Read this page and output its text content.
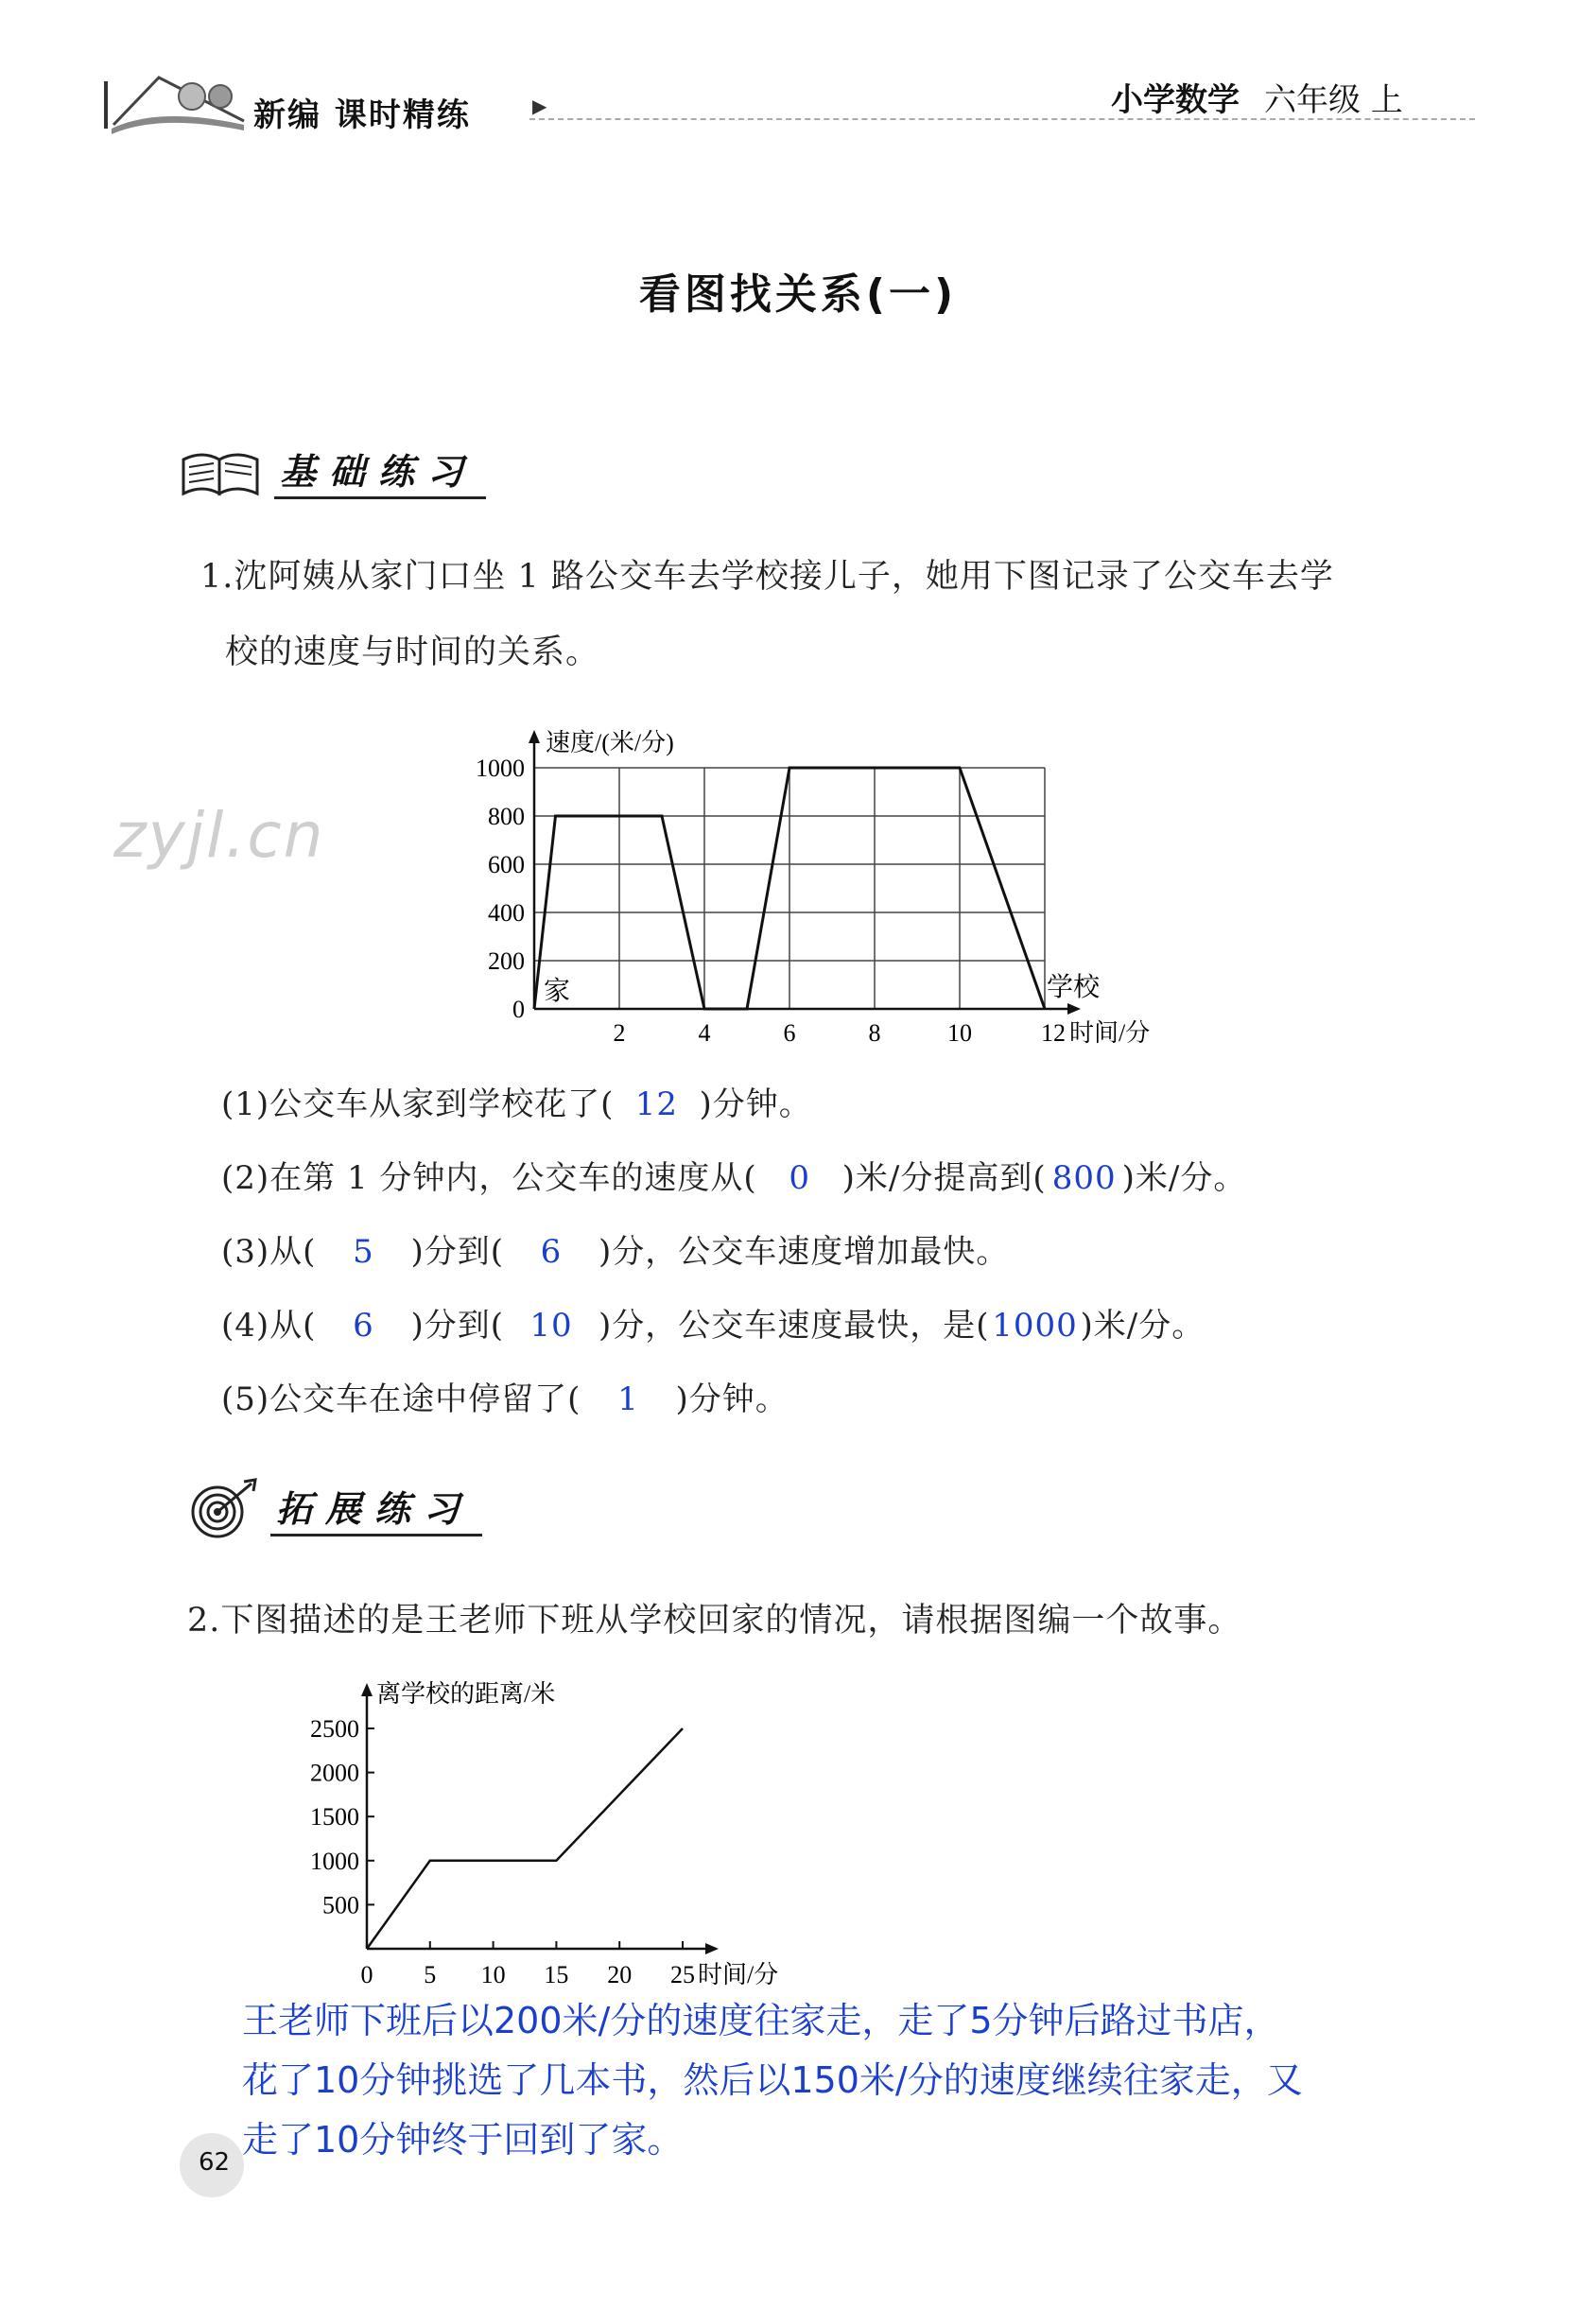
新编 课时精练	▶	小学数学 六年级 上
看图找关系(一)
基础练习
1.沈阿姨从家门口坐 1 路公交车去学校接儿子，她用下图记录了公交车去学
校的速度与时间的关系。
zyjl.cn
速度/(米/分)
0
200
400
600
800
1000
2	4	6	8	10	12 时间/分
家	学校
(1)公交车从家到学校花了( 12 )分钟。
(2)在第 1 分钟内，公交车的速度从( 0 )米/分提高到( 800 )米/分。
(3)从( 5 )分到( 6 )分，公交车速度增加最快。
(4)从( 6 )分到( 10 )分，公交车速度最快，是(1000)米/分。
(5)公交车在途中停留了( 1 )分钟。
拓展练习
2.下图描述的是王老师下班从学校回家的情况，请根据图编一个故事。
离学校的距离/米
500
1000
1500
2000
2500
0 5 10 15 20 25 时间/分
王老师下班后以200米/分的速度往家走，走了5分钟后路过书店，
花了10分钟挑选了几本书，然后以150米/分的速度继续往家走，又
走了10分钟终于回到了家。
62
